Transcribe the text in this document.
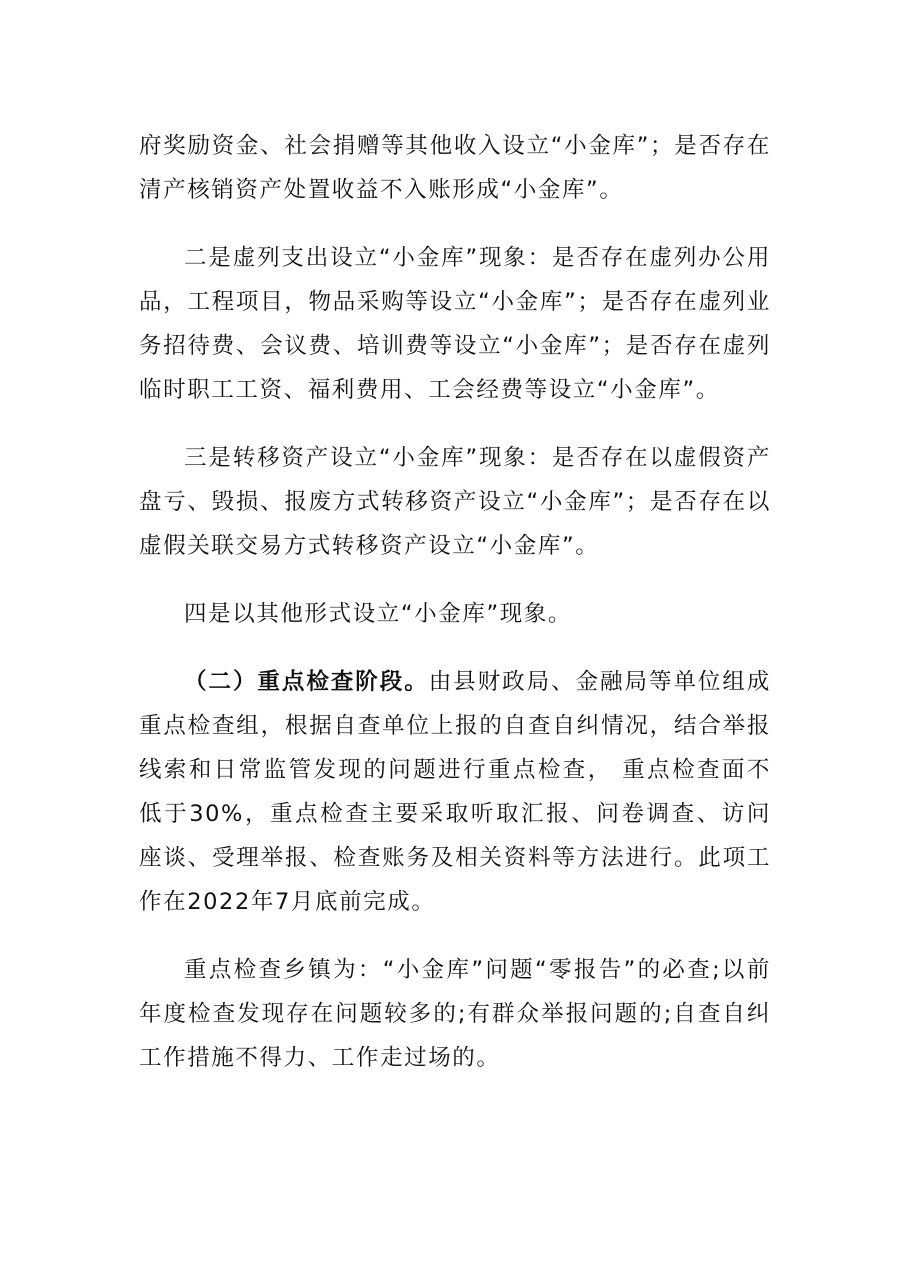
府奖励资金、社会捐赠等其他收入设立“小金库”；是否存在清产核销资产处置收益不入账形成“小金库”。

二是虚列支出设立“小金库”现象：是否存在虚列办公用品，工程项目，物品采购等设立“小金库”；是否存在虚列业务招待费、会议费、培训费等设立“小金库”；是否存在虚列临时职工工资、福利费用、工会经费等设立“小金库”。

三是转移资产设立“小金库”现象：是否存在以虚假资产盘亏、毁损、报废方式转移资产设立“小金库”；是否存在以虚假关联交易方式转移资产设立“小金库”。

四是以其他形式设立“小金库”现象。

（二）重点检查阶段。由县财政局、金融局等单位组成重点检查组，根据自查单位上报的自查自纠情况，结合举报线索和日常监管发现的问题进行重点检查， 重点检查面不低于30%，重点检查主要采取听取汇报、问卷调查、访问座谈、受理举报、检查账务及相关资料等方法进行。此项工作在2022年7月底前完成。

重点检查乡镇为：“小金库”问题“零报告”的必查;以前年度检查发现存在问题较多的;有群众举报问题的;自查自纠工作措施不得力、工作走过场的。
